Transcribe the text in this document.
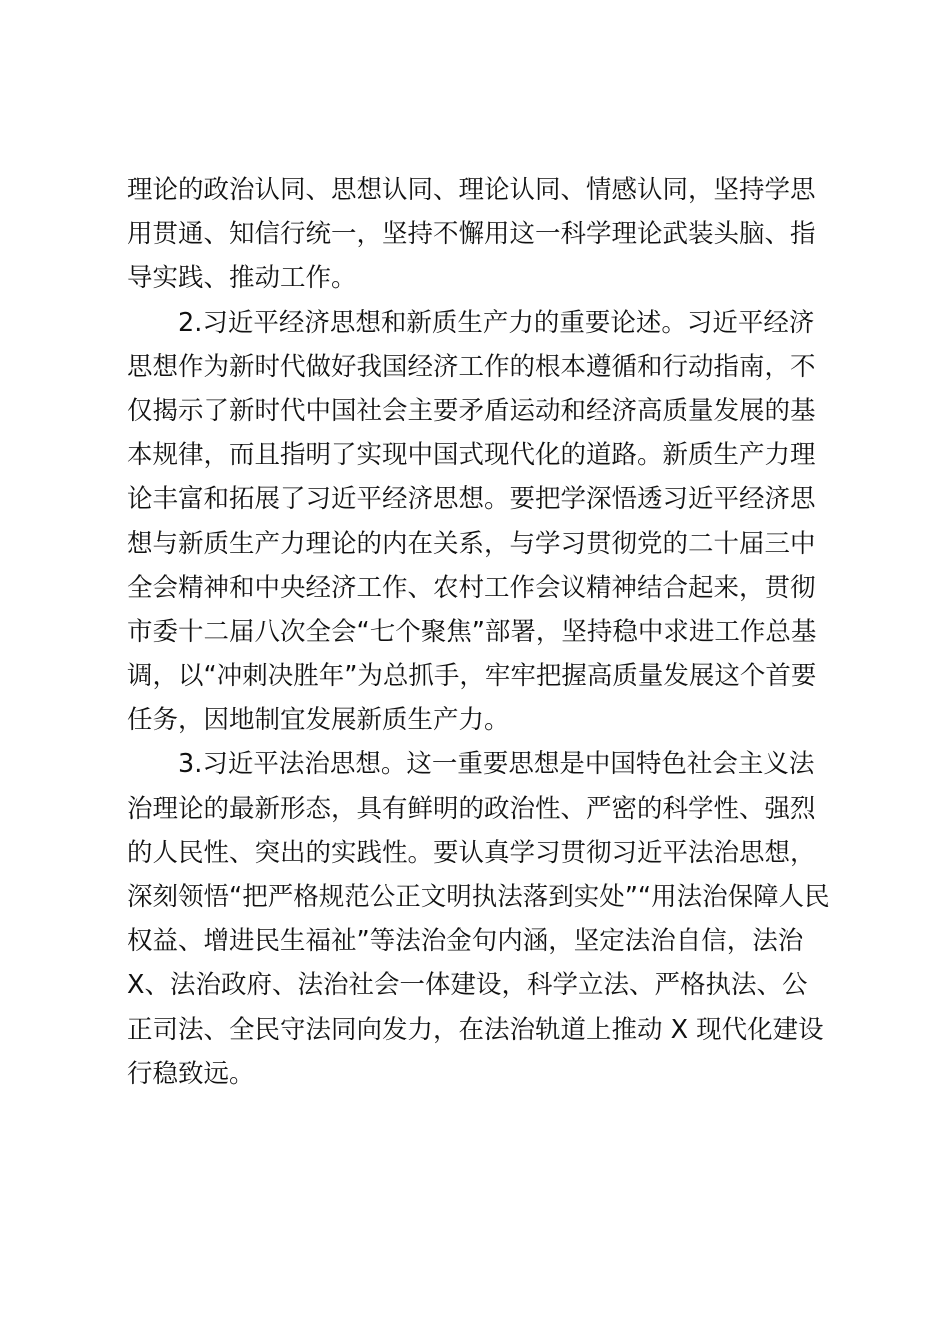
理论的政治认同、思想认同、理论认同、情感认同，坚持学思
用贯通、知信行统一，坚持不懈用这一科学理论武装头脑、指
导实践、推动工作。
2.习近平经济思想和新质生产力的重要论述。习近平经济
思想作为新时代做好我国经济工作的根本遵循和行动指南，不
仅揭示了新时代中国社会主要矛盾运动和经济高质量发展的基
本规律，而且指明了实现中国式现代化的道路。新质生产力理
论丰富和拓展了习近平经济思想。要把学深悟透习近平经济思
想与新质生产力理论的内在关系，与学习贯彻党的二十届三中
全会精神和中央经济工作、农村工作会议精神结合起来，贯彻
市委十二届八次全会“七个聚焦”部署，坚持稳中求进工作总基
调，以“冲刺决胜年”为总抓手，牢牢把握高质量发展这个首要
任务，因地制宜发展新质生产力。
3.习近平法治思想。这一重要思想是中国特色社会主义法
治理论的最新形态，具有鲜明的政治性、严密的科学性、强烈
的人民性、突出的实践性。要认真学习贯彻习近平法治思想，
深刻领悟“把严格规范公正文明执法落到实处”“用法治保障人民
权益、增进民生福祉”等法治金句内涵，坚定法治自信，法治
X、法治政府、法治社会一体建设，科学立法、严格执法、公
正司法、全民守法同向发力，在法治轨道上推动 X 现代化建设
行稳致远。
